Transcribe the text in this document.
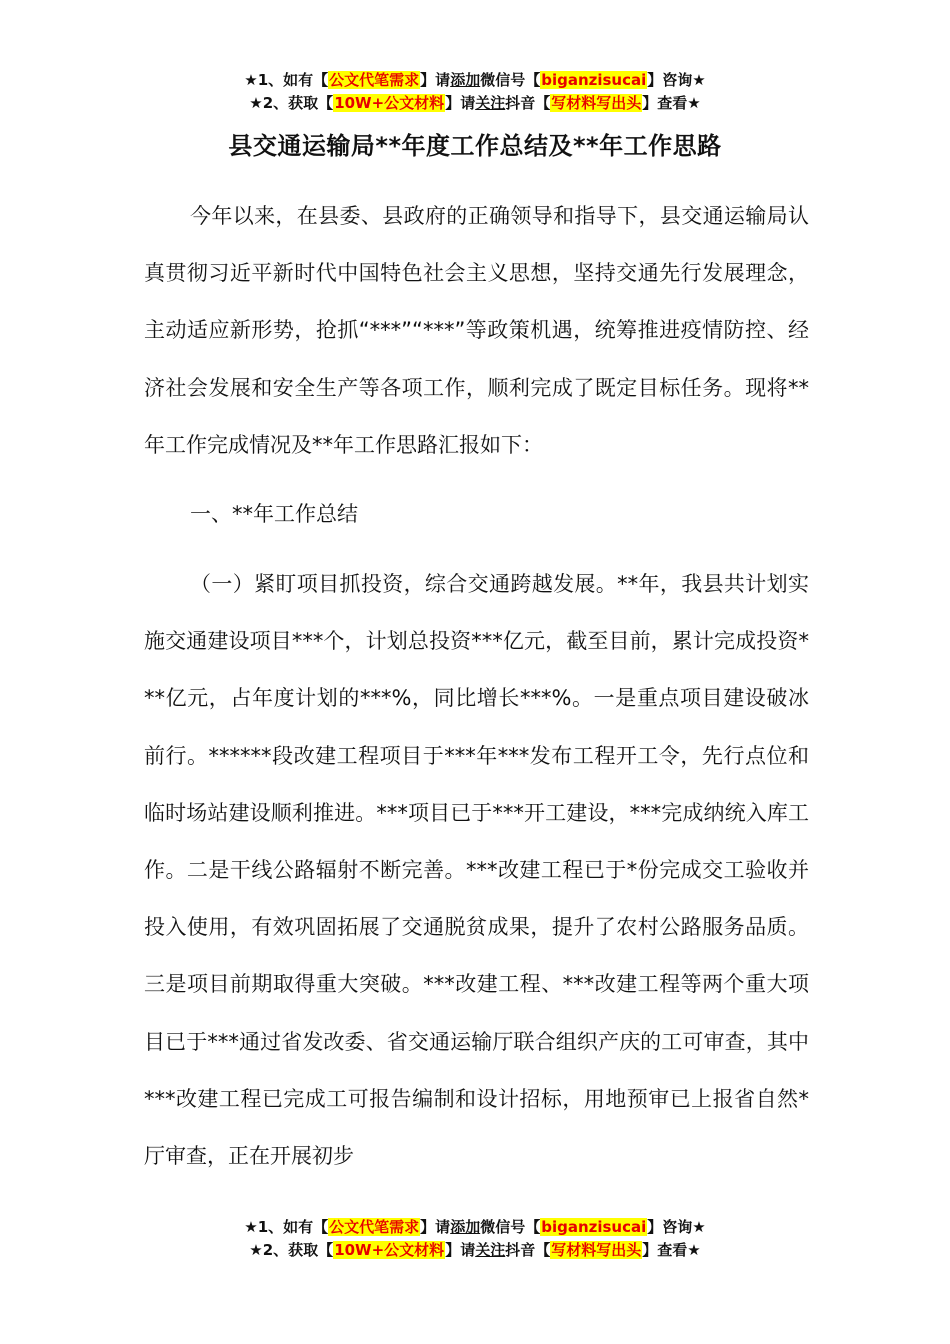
★1、如有【公文代笔需求】请添加微信号【biganzisucai】咨询★
★2、获取【10W+公文材料】请关注抖音【写材料写出头】查看★
县交通运输局**年度工作总结及**年工作思路
今年以来，在县委、县政府的正确领导和指导下，县交通运输局认真贯彻习近平新时代中国特色社会主义思想，坚持交通先行发展理念，主动适应新形势，抢抓“***”“***”等政策机遇，统筹推进疫情防控、经济社会发展和安全生产等各项工作，顺利完成了既定目标任务。现将**年工作完成情况及**年工作思路汇报如下：
一、**年工作总结
（一）紧盯项目抓投资，综合交通跨越发展。**年，我县共计划实施交通建设项目***个，计划总投资***亿元，截至目前，累计完成投资***亿元，占年度计划的***%，同比增长***%。一是重点项目建设破冰前行。******段改建工程项目于***年***发布工程开工令，先行点位和临时场站建设顺利推进。***项目已于***开工建设，***完成纳统入库工作。二是干线公路辐射不断完善。***改建工程已于*份完成交工验收并投入使用，有效巩固拓展了交通脱贫成果，提升了农村公路服务品质。三是项目前期取得重大突破。***改建工程、***改建工程等两个重大项目已于***通过省发改委、省交通运输厅联合组织产庆的工可审查，其中***改建工程已完成工可报告编制和设计招标，用地预审已上报省自然*厅审查，正在开展初步
★1、如有【公文代笔需求】请添加微信号【biganzisucai】咨询★
★2、获取【10W+公文材料】请关注抖音【写材料写出头】查看★
